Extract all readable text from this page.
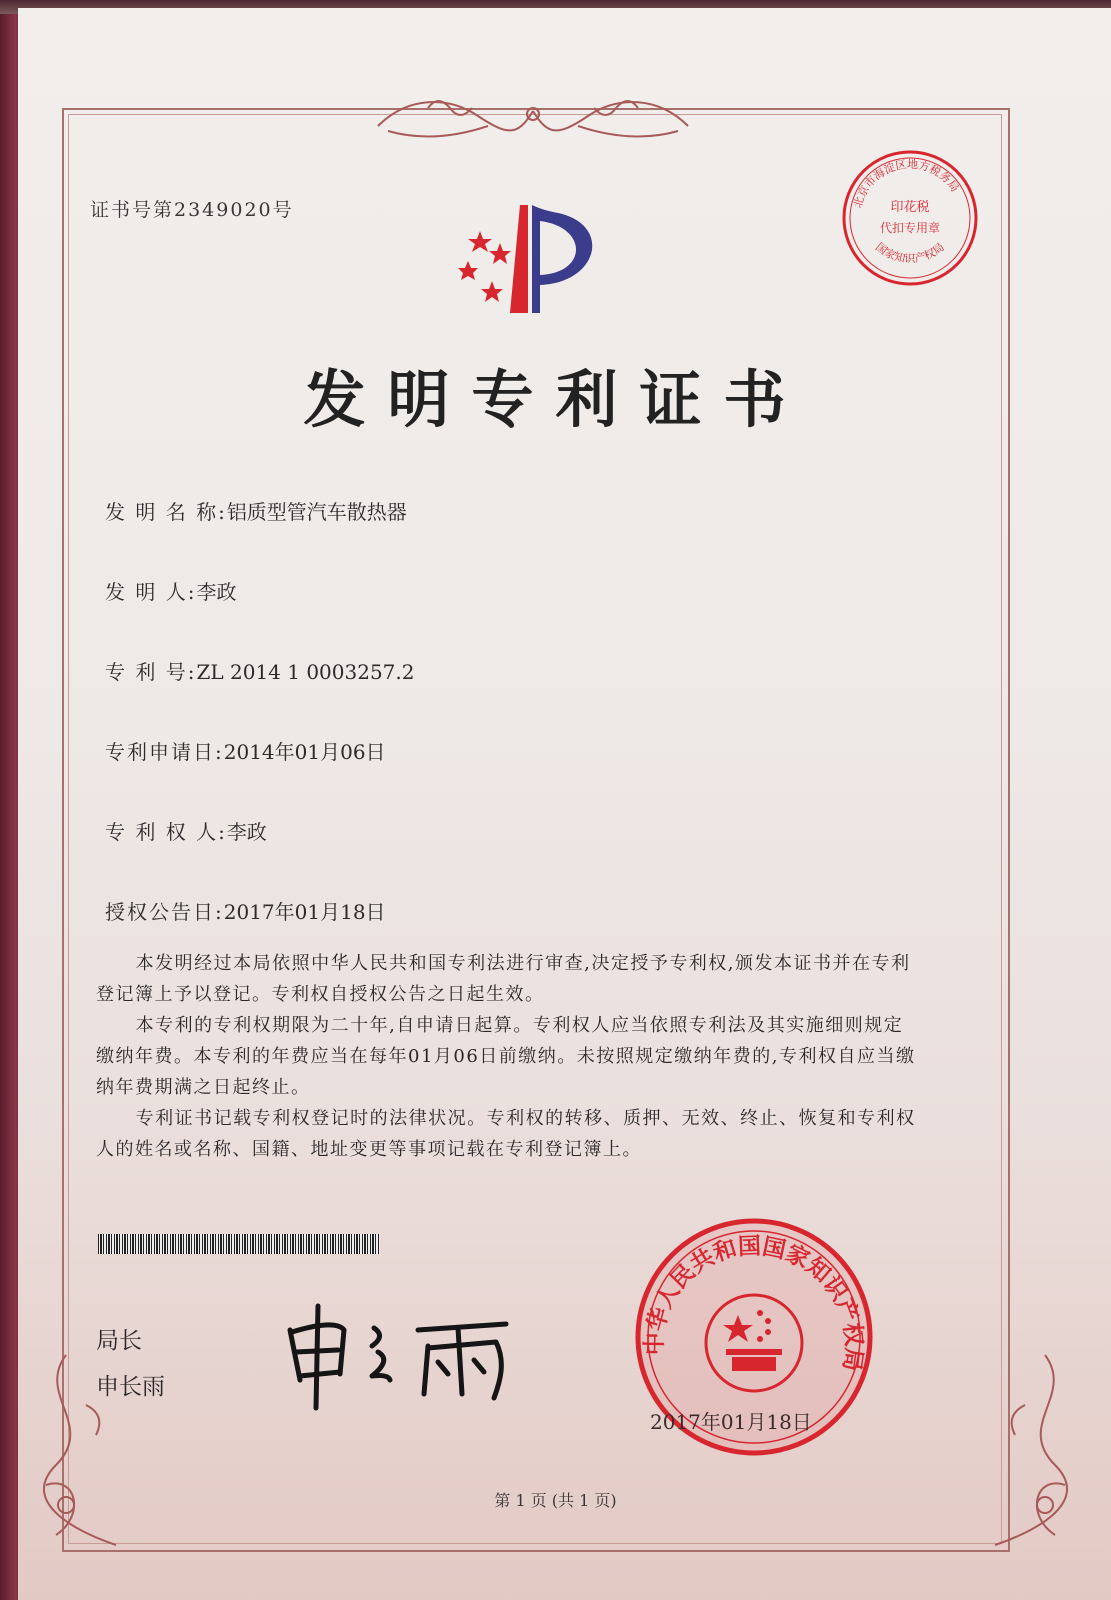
证书号第2349020号
发明专利证书
印花税
代扣专用章
北京市海淀区地方税务局
国家知识产权局
发 明 名 称:铝质型管汽车散热器
发 明 人:李政
专 利 号:ZL 2014 1 0003257.2
专利申请日:2014年01月06日
专 利 权 人:李政
授权公告日:2017年01月18日

本发明经过本局依照中华人民共和国专利法进行审查,决定授予专利权,颁发本证书并在专利登记簿上予以登记。专利权自授权公告之日起生效。

本专利的专利权期限为二十年,自申请日起算。专利权人应当依照专利法及其实施细则规定缴纳年费。本专利的年费应当在每年01月06日前缴纳。未按照规定缴纳年费的,专利权自应当缴纳年费期满之日起终止。

专利证书记载专利权登记时的法律状况。专利权的转移、质押、无效、终止、恢复和专利权人的姓名或名称、国籍、地址变更等事项记载在专利登记簿上。

局长
申长雨
中华人民共和国国家知识产权局
2017年01月18日
第 1 页 (共 1 页)
